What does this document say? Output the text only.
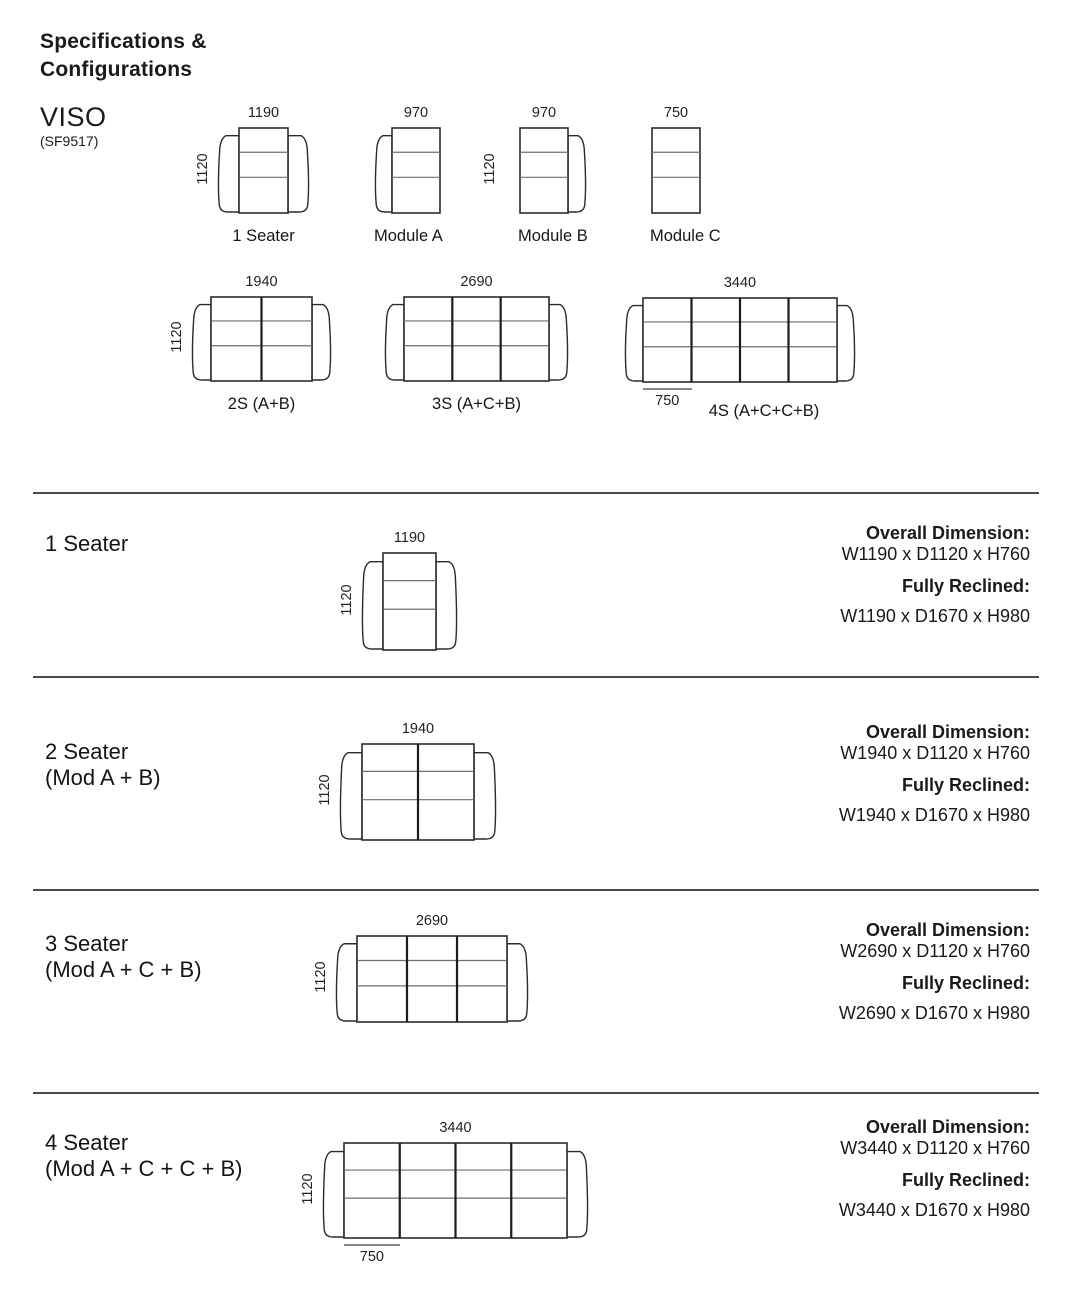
Specifications &
Configurations
VISO
(SF9517)
1190
1120
1 Seater
970
Module A
970
1120
Module B
750
Module C
1940
1120
2S (A+B)
2690
3S (A+C+B)
3440
750
4S (A+C+C+B)
1 Seater	1190
1120
Overall Dimension:
W1190 x D1120 x H760
Fully Reclined:
W1190 x D1670 x H980
2 Seater
(Mod A + B)
1940
1120
Overall Dimension:
W1940 x D1120 x H760
Fully Reclined:
W1940 x D1670 x H980
3 Seater
(Mod A + C + B)
2690
1120
Overall Dimension:
W2690 x D1120 x H760
Fully Reclined:
W2690 x D1670 x H980
4 Seater
(Mod A + C + C + B)
3440
1120
750
Overall Dimension:
W3440 x D1120 x H760
Fully Reclined:
W3440 x D1670 x H980
